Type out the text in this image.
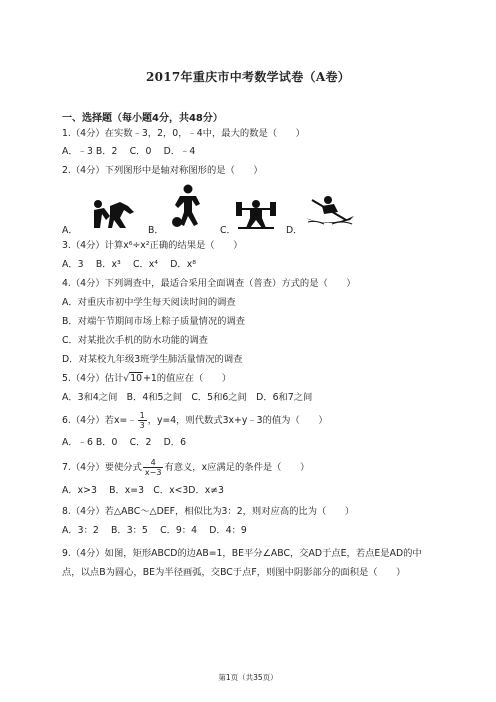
2017年重庆市中考数学试卷（A卷）
一、选择题（每小题4分，共48分）
1.（4分）在实数﹣3，2，0，﹣4中，最大的数是（　　）
A．﹣3 B．2　 C．0　 D．﹣4
2.（4分）下列图形中是轴对称图形的是（　　）
A．	B．	C．	D．
3.（4分）计算x⁶÷x²正确的结果是（　　）
A．3　 B．x³　 C．x⁴　 D．x⁸
4.（4分）下列调查中，最适合采用全面调查（普查）方式的是（　　）
A．对重庆市初中学生每天阅读时间的调查
B．对端午节期间市场上粽子质量情况的调查
C．对某批次手机的防水功能的调查
D．对某校九年级3班学生肺活量情况的调查
5.（4分）估计√10+1的值应在（　　）
A．3和4之间　B．4和5之间　C．5和6之间　D．6和7之间
6.（4分）若x=﹣ $\frac{1}{3}$ ，y=4，则代数式3x+y﹣3的值为（　　）
A．﹣6 B．0　 C．2　 D．6
7.（4分）要使分式 $\frac{4}{x-3}$ 有意义，x应满足的条件是（　　）
A．x>3　 B．x=3　C．x<3D．x≠3
8.（4分）若△ABC～△DEF，相似比为3：2，则对应高的比为（　　）
A．3：2　 B．3：5　 C．9：4　 D．4：9
9.（4分）如图，矩形ABCD的边AB=1，BE平分∠ABC，交AD于点E，若点E是AD的中点，以点B为圆心，BE为半径画弧，交BC于点F，则图中阴影部分的面积是（　　）
第1页（共35页）
